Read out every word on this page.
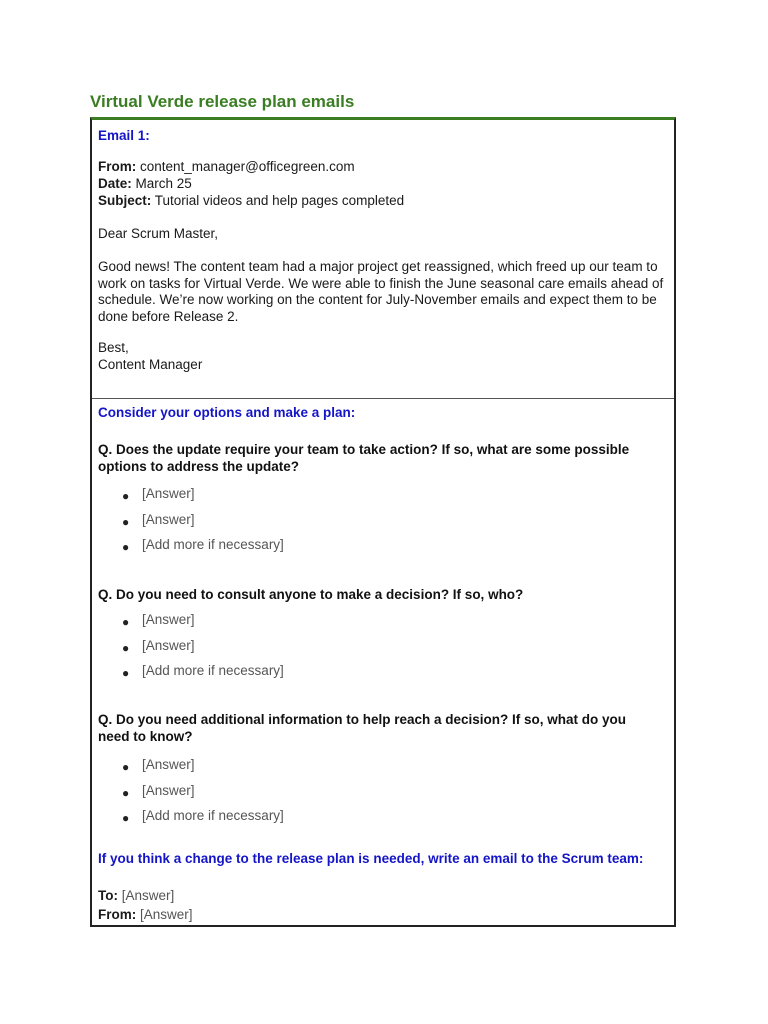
Virtual Verde release plan emails
Email 1:
From: content_manager@officegreen.com
Date: March 25
Subject: Tutorial videos and help pages completed
Dear Scrum Master,

Good news! The content team had a major project get reassigned, which freed up our team to work on tasks for Virtual Verde. We were able to finish the June seasonal care emails ahead of schedule. We’re now working on the content for July-November emails and expect them to be done before Release 2.

Best,
Content Manager
Consider your options and make a plan:
Q. Does the update require your team to take action? If so, what are some possible options to address the update?
● [Answer]
● [Answer]
● [Add more if necessary]
Q. Do you need to consult anyone to make a decision? If so, who?
● [Answer]
● [Answer]
● [Add more if necessary]
Q. Do you need additional information to help reach a decision? If so, what do you need to know?
● [Answer]
● [Answer]
● [Add more if necessary]
If you think a change to the release plan is needed, write an email to the Scrum team:
To: [Answer]
From: [Answer]
